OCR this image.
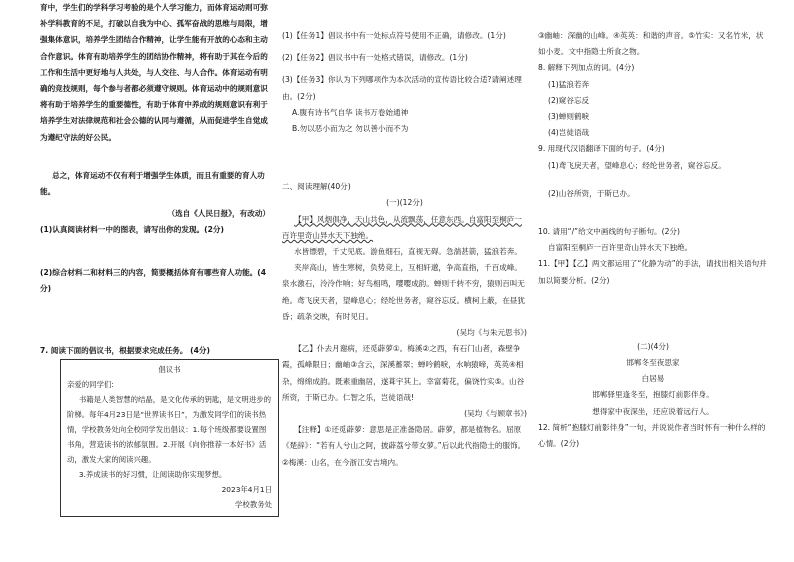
育中，学生们的学科学习考验的是个人学习能力，而体育运动则可弥补学科教育的不足，打破以自我为中心、孤军奋战的思维与局限，增强集体意识，培养学生团结合作精神，让学生能有开放的心态和主动合作意识。体育有助培养学生的团结协作精神，将有助于其在今后的工作和生活中更好地与人共处，与人交往、与人合作。体育运动有明确的竞技规则，每个参与者都必须遵守规则。体育运动中的规则意识将有助于培养学生的重要德性，有助于体育中养成的规则意识有利于培养学生对法律规范和社会公德的认同与遵循，从而促进学生自觉成为遵纪守法的好公民。

总之，体育运动不仅有利于增强学生体质，而且有重要的育人功能。

（选自《人民日报》，有改动）

(1)认真阅读材料一中的图表，请写出你的发现。(2分)

(2)综合材料二和材料三的内容，简要概括体育有哪些育人功能。(4分)

7. 阅读下面的倡议书，根据要求完成任务。 (4分)

倡议书

亲爱的同学们:

书籍是人类智慧的结晶，是文化传承的钥匙，是文明进步的阶梯。每年4月23日是“世界读书日”，为激发同学们的读书热情，学校教务处向全校同学发出倡议：1.每个班级都要设置图书角，营造读书的浓郁氛围。2.开展《向你推荐一本好书》活动，激发大家的阅读兴趣。

3.养成读书的好习惯，让阅读助你实现梦想。

2023年4月1日

学校教务处

(1)【任务1】倡议书中有一处标点符号使用不正确，请修改。(1分)

(2)【任务2】倡议书中有一处格式错误，请修改。(1分)

(3)【任务3】你认为下列哪项作为本次活动的宣传语比较合适?请阐述理由。(2分)

A.腹有诗书气自华 读书万卷始通神

B.勿以恶小而为之 勿以善小而不为

二、阅读理解(40分)

(一)(12分)

【甲】风烟俱净，天山共色，从流飘荡，任意东西。自富阳至桐庐一百许里奇山异水天下独绝。

水皆缥碧，千丈见底。游鱼细石，直视无碍。急湍甚箭，猛浪若奔。

夹岸高山，皆生寒树，负势竞上，互相轩邈，争高直指，千百成峰。泉水激石，泠泠作响；好鸟相鸣，嘤嘤成韵。蝉则千转不穷，猿则百叫无绝。鸢飞戾天者，望峰息心；经纶世务者，窥谷忘反。横柯上蔽，在昼犹昏；疏条交映，有时见日。

(吴均《与朱元思书》)

【乙】仆去月谢病，还觅薜萝①。梅溪②之西，有石门山者，森壁争霞，孤峰限日；幽岫③含云，深溪蓄翠；蝉吟鹤唳，水响猿啼，英英④相杂，绵绵成韵。既素重幽居，遂葺宇其上。幸富菊花，偏饶竹实⑤。山谷所资，于斯已办。仁智之乐，岂徒语哉!

(吴均《与顾章书》)

【注释】①还觅薜萝：意思是正准备隐居。薜萝，都是植物名。屈原《楚辞》：“若有人兮山之阿，披薜荔兮带女萝。”后以此代指隐士的服饰。②梅溪：山名，在今浙江安吉境内。

③幽岫：深幽的山峰。④英英：和谐的声音。⑤竹实：又名竹米，状如小麦。文中指隐士所食之物。

8. 解释下列加点的词。(4分)

(1)猛浪若奔

(2)窥谷忘反

(3)蝉则鹤唳

(4)岂徒语哉

9. 用现代汉语翻译下面的句子。(4分)

(1)鸢飞戾天者，望峰息心；经纶世务者，窥谷忘反。

(2)山谷所资，于斯已办。

10. 请用“/”给文中画线的句子断句。(2分)

自富阳至桐庐一百许里奇山异水天下独绝。

11.【甲】【乙】两文都运用了“化静为动”的手法，请找出相关语句并加以简要分析。(2分)

(二)(4分)

邯郸冬至夜思家

白居易

邯郸驿里逢冬至，抱膝灯前影伴身。

想得家中夜深坐，还应说着远行人。

12. 简析“抱膝灯前影伴身”一句，并说说作者当时怀有一种什么样的心情。(2分)
